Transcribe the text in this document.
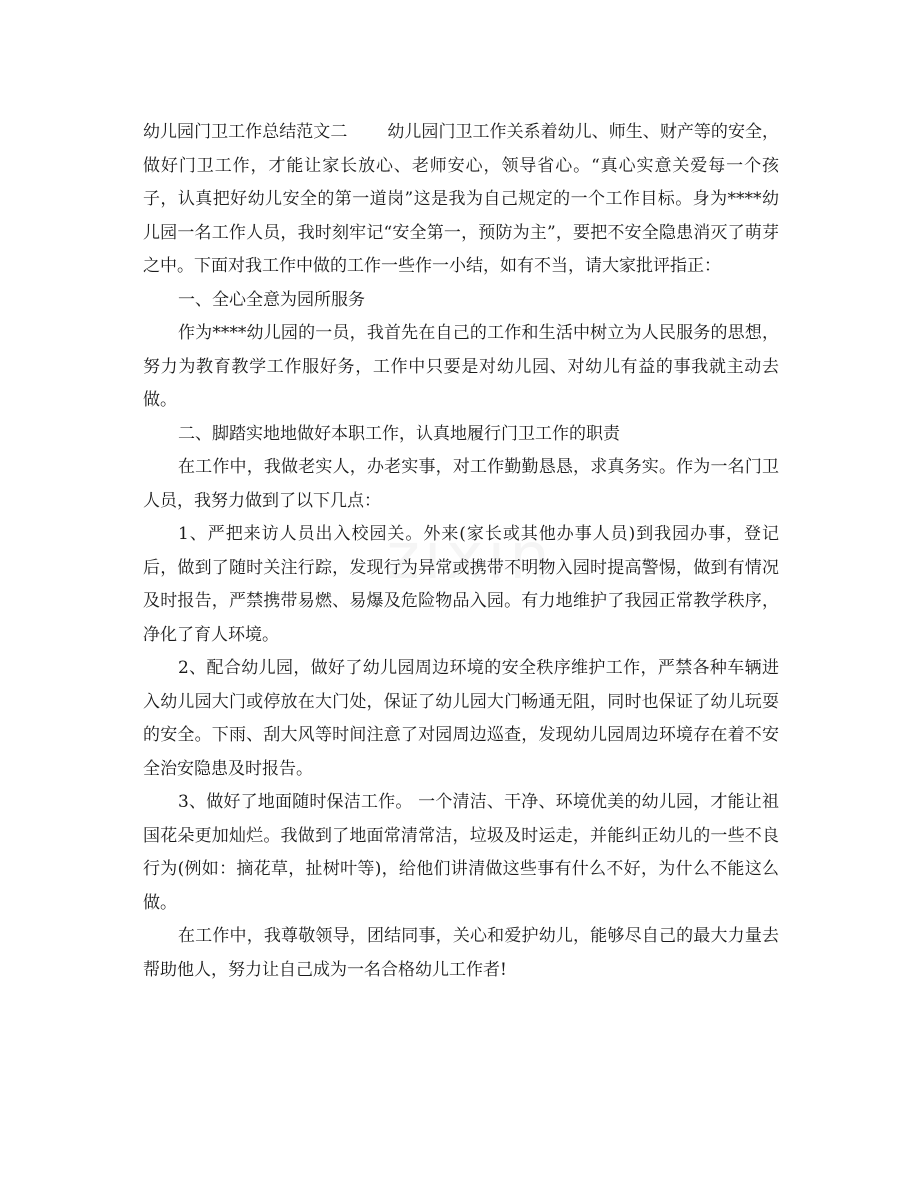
幼儿园门卫工作总结范文二 幼儿园门卫工作关系着幼儿、师生、财产等的安全，做好门卫工作，才能让家长放心、老师安心，领导省心。“真心实意关爱每一个孩子，认真把好幼儿安全的第一道岗”这是我为自己规定的一个工作目标。身为****幼儿园一名工作人员，我时刻牢记“安全第一，预防为主”，要把不安全隐患消灭了萌芽之中。下面对我工作中做的工作一些作一小结，如有不当，请大家批评指正：

一、全心全意为园所服务

作为****幼儿园的一员，我首先在自己的工作和生活中树立为人民服务的思想，努力为教育教学工作服好务，工作中只要是对幼儿园、对幼儿有益的事我就主动去做。

二、脚踏实地地做好本职工作，认真地履行门卫工作的职责

在工作中，我做老实人，办老实事，对工作勤勤恳恳，求真务实。作为一名门卫人员，我努力做到了以下几点：

1、严把来访人员出入校园关。外来(家长或其他办事人员)到我园办事，登记后，做到了随时关注行踪，发现行为异常或携带不明物入园时提高警惕，做到有情况及时报告，严禁携带易燃、易爆及危险物品入园。有力地维护了我园正常教学秩序，净化了育人环境。

2、配合幼儿园，做好了幼儿园周边环境的安全秩序维护工作，严禁各种车辆进入幼儿园大门或停放在大门处，保证了幼儿园大门畅通无阻，同时也保证了幼儿玩耍的安全。下雨、刮大风等时间注意了对园周边巡查，发现幼儿园周边环境存在着不安全治安隐患及时报告。

3、做好了地面随时保洁工作。 一个清洁、干净、环境优美的幼儿园，才能让祖国花朵更加灿烂。我做到了地面常清常洁，垃圾及时运走，并能纠正幼儿的一些不良行为(例如：摘花草，扯树叶等)，给他们讲清做这些事有什么不好，为什么不能这么做。

在工作中，我尊敬领导，团结同事，关心和爱护幼儿，能够尽自己的最大力量去帮助他人，努力让自己成为一名合格幼儿工作者!
